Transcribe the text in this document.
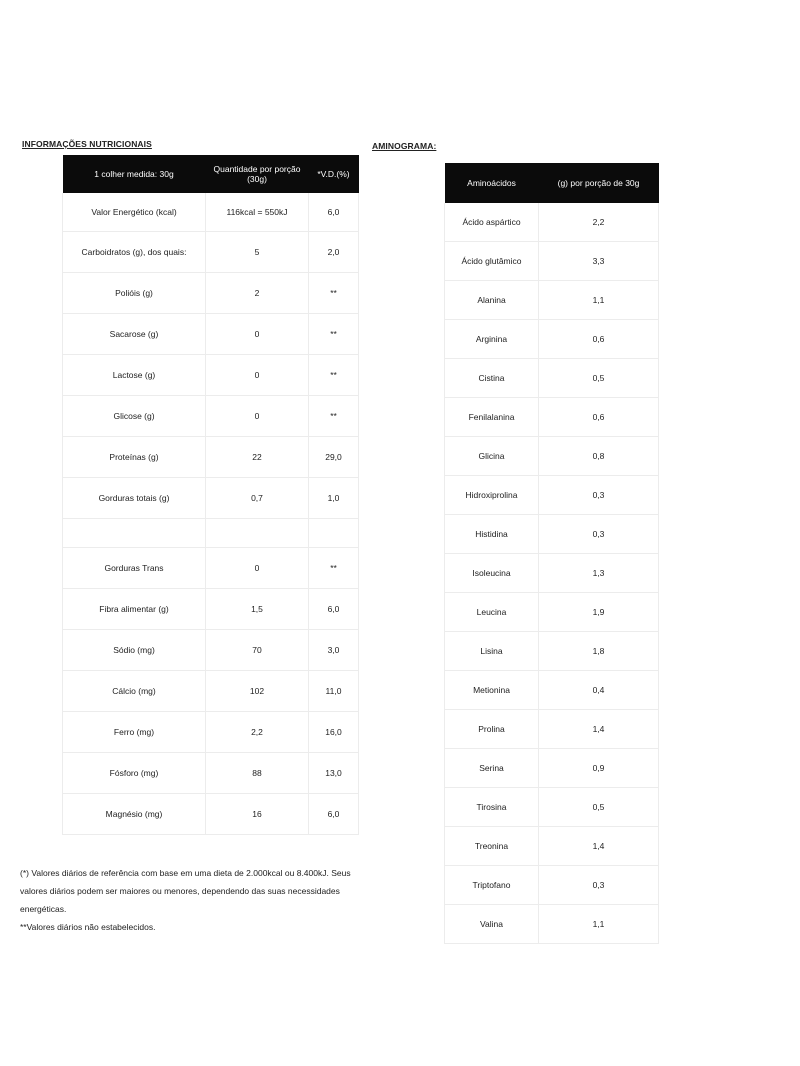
INFORMAÇÕES NUTRICIONAIS
1 colher medida: 30g	Quantidade por porção (30g)	*V.D.(%)
Valor Energético (kcal)	116kcal = 550kJ	6,0
Carboidratos (g), dos quais:	5	2,0
Polióis (g)	2	**
Sacarose (g)	0	**
Lactose (g)	0	**
Glicose (g)	0	**
Proteínas (g)	22	29,0
Gorduras totais (g)	0,7	1,0

Gorduras Trans	0	**
Fibra alimentar (g)	1,5	6,0
Sódio (mg)	70	3,0
Cálcio (mg)	102	11,0
Ferro (mg)	2,2	16,0
Fósforo (mg)	88	13,0
Magnésio (mg)	16	6,0
AMINOGRAMA:
Aminoácidos	(g) por porção de 30g
Ácido aspártico	2,2
Ácido glutâmico	3,3
Alanina	1,1
Arginina	0,6
Cistina	0,5
Fenilalanina	0,6
Glicina	0,8
Hidroxiprolina	0,3
Histidina	0,3
Isoleucina	1,3
Leucina	1,9
Lisina	1,8
Metionina	0,4
Prolina	1,4
Serina	0,9
Tirosina	0,5
Treonina	1,4
Triptofano	0,3
Valina	1,1

(*) Valores diários de referência com base em uma dieta de 2.000kcal ou 8.400kJ. Seus valores diários podem ser maiores ou menores, dependendo das suas necessidades energéticas.

**Valores diários não estabelecidos.
